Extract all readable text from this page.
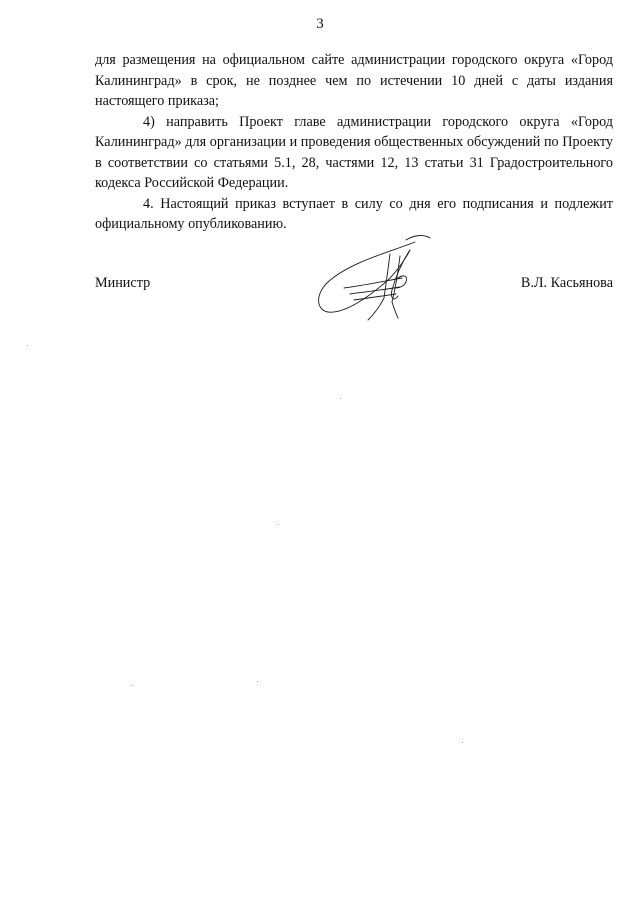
3

для размещения на официальном сайте администрации городского округа «Город Калининград» в срок, не позднее чем по истечении 10 дней с даты издания настоящего приказа;

4) направить Проект главе администрации городского округа «Город Калининград» для организации и проведения общественных обсуждений по Проекту в соответствии со статьями 5.1, 28, частями 12, 13 статьи 31 Градостроительного кодекса Российской Федерации.

4. Настоящий приказ вступает в силу со дня его подписания и подлежит официальному опубликованию.

Министр	В.Л. Касьянова
